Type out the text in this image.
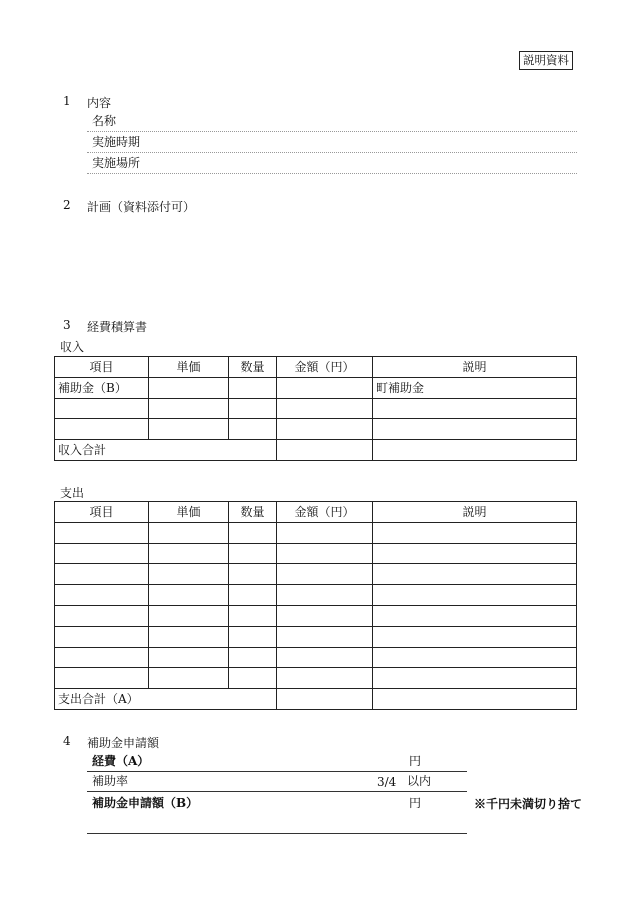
説明資料
1	内容
名称
実施時期
実施場所
2	計画（資料添付可）
3	経費積算書
収入
項目	単価	数量	金額（円）	説明
補助金（B）				町補助金

収入合計				
支出
項目	単価	数量	金額（円）	説明

支出合計（A）				
4	補助金申請額
経費（A）	円
補助率	3/4 以内
補助金申請額（B）	円	※千円未満切り捨て
